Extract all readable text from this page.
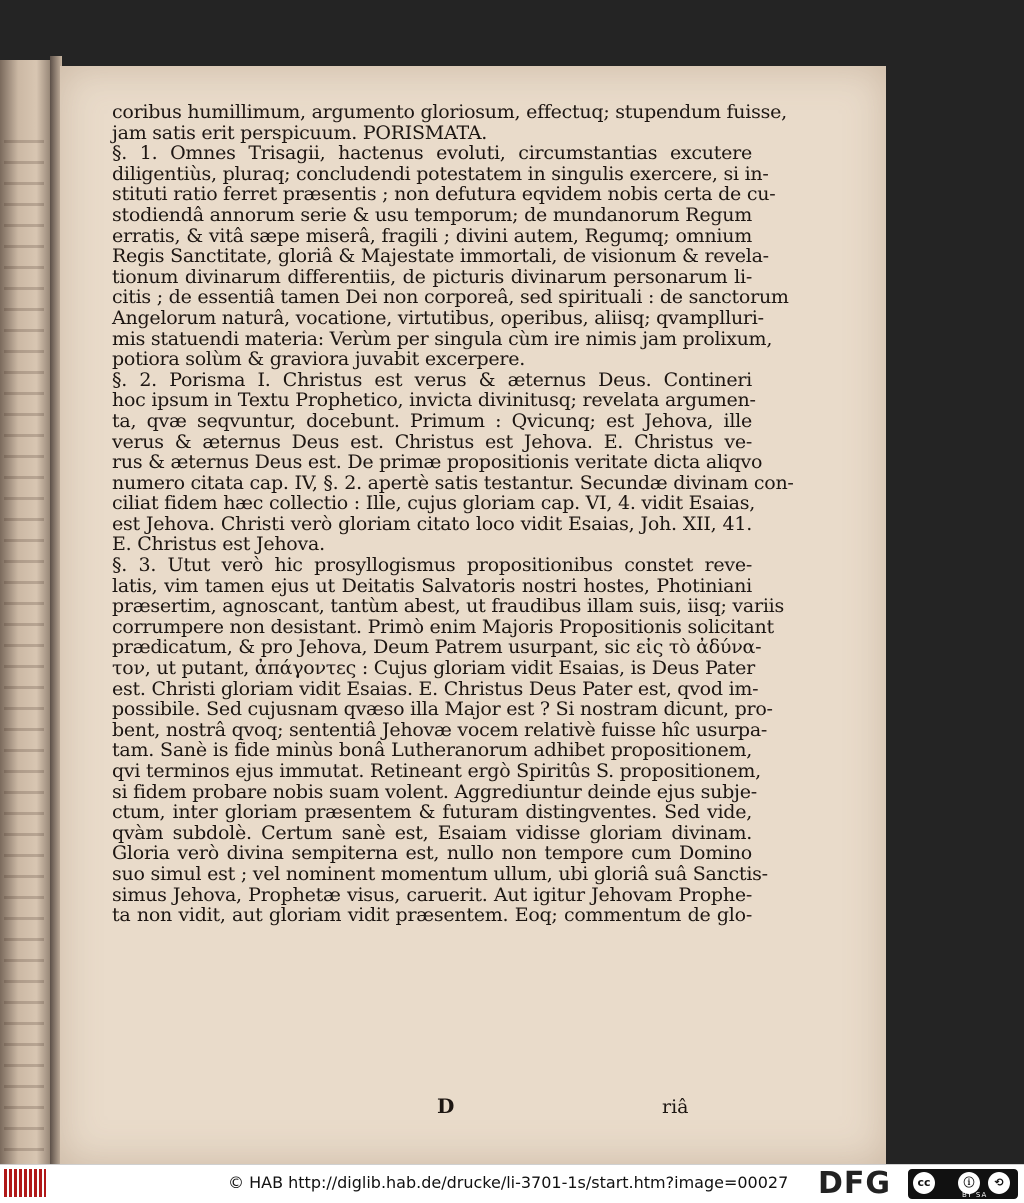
coribus humillimum, argumento gloriosum, effectuq; stupendum fuisse,
jam satis erit perspicuum. PORISMATA.
§. 1. Omnes Trisagii, hactenus evoluti, circumstantias excutere
diligentiùs, pluraq; concludendi potestatem in singulis exercere, si in-
stituti ratio ferret præsentis ; non defutura eqvidem nobis certa de cu-
stodiendâ annorum serie & usu temporum; de mundanorum Regum
erratis, & vitâ sæpe miserâ, fragili ; divini autem, Regumq; omnium
Regis Sanctitate, gloriâ & Majestate immortali, de visionum & revela-
tionum divinarum differentiis, de picturis divinarum personarum li-
citis ; de essentiâ tamen Dei non corporeâ, sed spirituali : de sanctorum
Angelorum naturâ, vocatione, virtutibus, operibus, aliisq; qvamplluri-
mis statuendi materia: Verùm per singula cùm ire nimis jam prolixum,
potiora solùm & graviora juvabit excerpere.
§. 2. Porisma I. Christus est verus & æternus Deus. Contineri
hoc ipsum in Textu Prophetico, invicta divinitusq; revelata argumen-
ta, qvæ seqvuntur, docebunt. Primum : Qvicunq; est Jehova, ille
verus & æternus Deus est. Christus est Jehova. E. Christus ve-
rus & æternus Deus est. De primæ propositionis veritate dicta aliqvo
numero citata cap. IV, §. 2. apertè satis testantur. Secundæ divinam con-
ciliat fidem hæc collectio : Ille, cujus gloriam cap. VI, 4. vidit Esaias,
est Jehova. Christi verò gloriam citato loco vidit Esaias, Joh. XII, 41.
E. Christus est Jehova.
§. 3. Utut verò hic prosyllogismus propositionibus constet reve-
latis, vim tamen ejus ut Deitatis Salvatoris nostri hostes, Photiniani
præsertim, agnoscant, tantùm abest, ut fraudibus illam suis, iisq; variis
corrumpere non desistant. Primò enim Majoris Propositionis solicitant
prædicatum, & pro Jehova, Deum Patrem usurpant, sic εἰς τὸ ἀδύνα-
τον, ut putant, ἀπάγοντες : Cujus gloriam vidit Esaias, is Deus Pater
est. Christi gloriam vidit Esaias. E. Christus Deus Pater est, qvod im-
possibile. Sed cujusnam qvæso illa Major est ? Si nostram dicunt, pro-
bent, nostrâ qvoq; sententiâ Jehovæ vocem relativè fuisse hîc usurpa-
tam. Sanè is fide minùs bonâ Lutheranorum adhibet propositionem,
qvi terminos ejus immutat. Retineant ergò Spiritûs S. propositionem,
si fidem probare nobis suam volent. Aggrediuntur deinde ejus subje-
ctum, inter gloriam præsentem & futuram distingventes. Sed vide,
qvàm subdolè. Certum sanè est, Esaiam vidisse gloriam divinam.
Gloria verò divina sempiterna est, nullo non tempore cum Domino
suo simul est ; vel nominent momentum ullum, ubi gloriâ suâ Sanctis-
simus Jehova, Prophetæ visus, caruerit. Aut igitur Jehovam Prophe-
ta non vidit, aut gloriam vidit præsentem. Eoq; commentum de glo-
D	riâ
© HAB http://diglib.hab.de/drucke/li-3701-1s/start.htm?image=00027 DFG	cc	ⓘ	⟲
BY SA
